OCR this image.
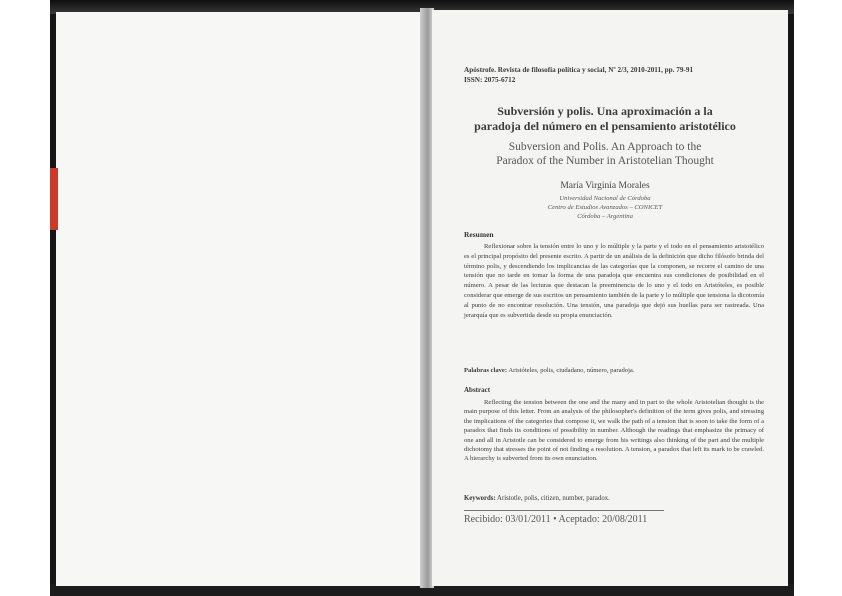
Apóstrofe. Revista de filosofía política y social, Nº 2/3, 2010-2011, pp. 79-91
ISSN: 2075-6712
Subversión y polis. Una aproximación a la
paradoja del número en el pensamiento aristotélico
Subversion and Polis. An Approach to the
Paradox of the Number in Aristotelian Thought
María Virginia Morales
Universidad Nacional de Córdoba
Centro de Estudios Avanzados – CONICET
Córdoba – Argentina
Resumen
Reflexionar sobre la tensión entre lo uno y lo múltiple y la parte y el todo en el pensamiento aristotélico es el principal propósito del presente escrito. A partir de un análisis de la definición que dicho filósofo brinda del término polis, y descendiendo los implicancias de las categorías que la componen, se recorre el camino de una tensión que no tarde en tomar la forma de una paradoja que encuentra sus condiciones de posibilidad en el número. A pesar de las lecturas que destacan la preeminencia de lo uno y el todo en Aristóteles, es posible considerar que emerge de sus escritos un pensamiento también de la parte y lo múltiple que tensiona la dicotomía al punto de no encontrar resolución. Una tensión, una paradoja que dejó sus huellas para ser rastreada. Una jerarquía que es subvertida desde su propia enunciación.
Palabras clave: Aristóteles, polis, ciudadano, número, paradoja.
Abstract
Reflecting the tension between the one and the many and in part to the whole Aristotelian thought is the main purpose of this letter. From an analysis of the philosopher's definition of the term gives polis, and stressing the implications of the categories that compose it, we walk the path of a tension that is soon to take the form of a paradox that finds its conditions of possibility in number. Although the readings that emphasize the primacy of one and all in Aristotle can be considered to emerge from his writings also thinking of the part and the multiple dichotomy that stresses the point of not finding a resolution. A tension, a paradox that left its mark to be crawled. A hierarchy is subverted from its own enunciation.
Keywords: Aristotle, polis, citizen, number, paradox.
Recibido: 03/01/2011 • Aceptado: 20/08/2011
